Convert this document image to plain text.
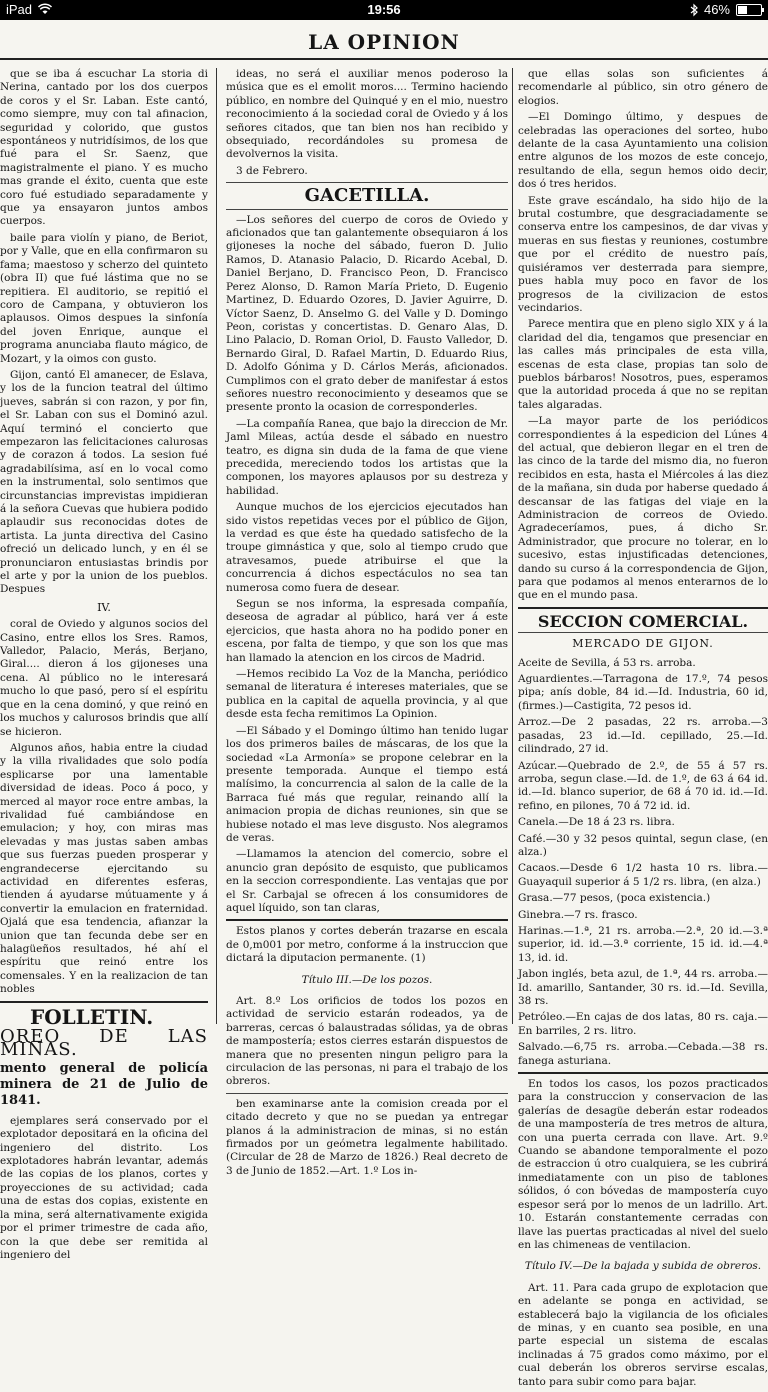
iPad	19:56	46%
LA OPINION

que se iba á escuchar La storia di Nerina, cantado por los dos cuerpos de coros y el Sr. Laban. Este cantó, como siempre, muy con tal afinacion, seguridad y colorido, que gustos espontáneos y nutridísimos, de los que fué para el Sr. Saenz, que magistralmente el piano. Y es mucho mas grande el éxito, cuenta que este coro fué estudiado separadamente y que ya ensayaron juntos ambos cuerpos.

baile para violín y piano, de Beriot, por y Valle, que en ella confirmaron su fama; maestoso y scherzo del quinteto (obra II) que fué lástima que no se repitiera. El auditorio, se repitió el coro de Campana, y obtuvieron los aplausos. Oimos despues la sinfonía del joven Enrique, aunque el programa anunciaba flauto mágico, de Mozart, y la oimos con gusto.

Gijon, cantó El amanecer, de Eslava, y los de la funcion teatral del último jueves, sabrán si con razon, y por fin, el Sr. Laban con sus el Dominó azul. Aquí terminó el concierto que empezaron las felicitaciones calurosas y de corazon á todos. La sesion fué agradabilísima, así en lo vocal como en la instrumental, solo sentimos que circunstancias imprevistas impidieran á la señora Cuevas que hubiera podido aplaudir sus reconocidas dotes de artista. La junta directiva del Casino ofreció un delicado lunch, y en él se pronunciaron entusiastas brindis por el arte y por la union de los pueblos. Despues

IV.

coral de Oviedo y algunos socios del Casino, entre ellos los Sres. Ramos, Valledor, Palacio, Merás, Berjano, Giral.... dieron á los gijoneses una cena. Al público no le interesará mucho lo que pasó, pero sí el espíritu que en la cena dominó, y que reinó en los muchos y calurosos brindis que allí se hicieron.

Algunos años, habia entre la ciudad y la villa rivalidades que solo podía esplicarse por una lamentable diversidad de ideas. Poco á poco, y merced al mayor roce entre ambas, la rivalidad fué cambiándose en emulacion; y hoy, con miras mas elevadas y mas justas saben ambas que sus fuerzas pueden prosperar y engrandecerse ejercitando su actividad en diferentes esferas, tienden á ayudarse mútuamente y á convertir la emulacion en fraternidad. Ojalá que esa tendencia, afianzar la union que tan fecunda debe ser en halagüeños resultados, hé ahí el espíritu que reinó entre los comensales. Y en la realizacion de tan nobles

FOLLETIN.
OREO DE LAS MINAS.
mento general de policía minera de 21 de Julio de 1841.

ejemplares será conservado por el explotador depositará en la oficina del ingeniero del distrito. Los explotadores habrán levantar, además de las copias de los planos, cortes y proyecciones de su actividad; cada una de estas dos copias, existente en la mina, será alternativamente exigida por el primer trimestre de cada año, con la que debe ser remitida al ingeniero del

ideas, no será el auxiliar menos poderoso la música que es el emolit moros.... Termino haciendo público, en nombre del Quinqué y en el mio, nuestro reconocimiento á la sociedad coral de Oviedo y á los señores citados, que tan bien nos han recibido y obsequiado, recordándoles su promesa de devolvernos la visita.

3 de Febrero.

GACETILLA.

—Los señores del cuerpo de coros de Oviedo y aficionados que tan galantemente obsequiaron á los gijoneses la noche del sábado, fueron D. Julio Ramos, D. Atanasio Palacio, D. Ricardo Acebal, D. Daniel Berjano, D. Francisco Peon, D. Francisco Perez Alonso, D. Ramon María Prieto, D. Eugenio Martinez, D. Eduardo Ozores, D. Javier Aguirre, D. Víctor Saenz, D. Anselmo G. del Valle y D. Domingo Peon, coristas y concertistas. D. Genaro Alas, D. Lino Palacio, D. Roman Oriol, D. Fausto Valledor, D. Bernardo Giral, D. Rafael Martin, D. Eduardo Rius, D. Adolfo Gónima y D. Cárlos Merás, aficionados. Cumplimos con el grato deber de manifestar á estos señores nuestro reconocimiento y deseamos que se presente pronto la ocasion de corresponderles.

—La compañía Ranea, que bajo la direccion de Mr. Jaml Mileas, actúa desde el sábado en nuestro teatro, es digna sin duda de la fama de que viene precedida, mereciendo todos los artistas que la componen, los mayores aplausos por su destreza y habilidad.

Aunque muchos de los ejercicios ejecutados han sido vistos repetidas veces por el público de Gijon, la verdad es que éste ha quedado satisfecho de la troupe gimnástica y que, solo al tiempo crudo que atravesamos, puede atribuirse el que la concurrencia á dichos espectáculos no sea tan numerosa como fuera de desear.

Segun se nos informa, la espresada compañía, deseosa de agradar al público, hará ver á este ejercicios, que hasta ahora no ha podido poner en escena, por falta de tiempo, y que son los que mas han llamado la atencion en los circos de Madrid.

—Hemos recibido La Voz de la Mancha, periódico semanal de literatura é intereses materiales, que se publica en la capital de aquella provincia, y al que desde esta fecha remitimos La Opinion.

—El Sábado y el Domingo último han tenido lugar los dos primeros bailes de máscaras, de los que la sociedad «La Armonía» se propone celebrar en la presente temporada. Aunque el tiempo está malísimo, la concurrencia al salon de la calle de la Barraca fué más que regular, reinando allí la animacion propia de dichas reuniones, sin que se hubiese notado el mas leve disgusto. Nos alegramos de veras.

—Llamamos la atencion del comercio, sobre el anuncio gran depósito de esquisto, que publicamos en la seccion correspondiente. Las ventajas que por el Sr. Carbajal se ofrecen á los consumidores de aquel líquido, son tan claras,

Estos planos y cortes deberán trazarse en escala de 0,m001 por metro, conforme á la instruccion que dictará la diputacion permanente. (1)

Título III.—De los pozos.

Art. 8.º Los orificios de todos los pozos en actividad de servicio estarán rodeados, ya de barreras, cercas ó balaustradas sólidas, ya de obras de mampostería; estos cierres estarán dispuestos de manera que no presenten ningun peligro para la circulacion de las personas, ni para el trabajo de los obreros.

ben examinarse ante la comision creada por el citado decreto y que no se puedan ya entregar planos á la administracion de minas, si no están firmados por un geómetra legalmente habilitado. (Circular de 28 de Marzo de 1826.) Real decreto de 3 de Junio de 1852.—Art. 1.º Los in-

que ellas solas son suficientes á recomendarle al público, sin otro género de elogios.

—El Domingo último, y despues de celebradas las operaciones del sorteo, hubo delante de la casa Ayuntamiento una colision entre algunos de los mozos de este concejo, resultando de ella, segun hemos oido decir, dos ó tres heridos.

Este grave escándalo, ha sido hijo de la brutal costumbre, que desgraciadamente se conserva entre los campesinos, de dar vivas y mueras en sus fiestas y reuniones, costumbre que por el crédito de nuestro país, quisiéramos ver desterrada para siempre, pues habla muy poco en favor de los progresos de la civilizacion de estos vecindarios.

Parece mentira que en pleno siglo XIX y á la claridad del dia, tengamos que presenciar en las calles más principales de esta villa, escenas de esta clase, propias tan solo de pueblos bárbaros! Nosotros, pues, esperamos que la autoridad proceda á que no se repitan tales algaradas.

—La mayor parte de los periódicos correspondientes á la espedicion del Lúnes 4 del actual, que debieron llegar en el tren de las cinco de la tarde del mismo dia, no fueron recibidos en esta, hasta el Miércoles á las diez de la mañana, sin duda por haberse quedado á descansar de las fatigas del viaje en la Administracion de correos de Oviedo. Agradeceríamos, pues, á dicho Sr. Administrador, que procure no tolerar, en lo sucesivo, estas injustificadas detenciones, dando su curso á la correspondencia de Gijon, para que podamos al menos enterarnos de lo que en el mundo pasa.

SECCION COMERCIAL.
MERCADO DE GIJON.
Aceite de Sevilla, á 53 rs. arroba.
Aguardientes.—Tarragona de 17.º, 74 pesos pipa; anís doble, 84 id.—Id. Industria, 60 id, (firmes.)—Castigita, 72 pesos id.
Arroz.—De 2 pasadas, 22 rs. arroba.—3 pasadas, 23 id.—Id. cepillado, 25.—Id. cilindrado, 27 id.
Azúcar.—Quebrado de 2.º, de 55 á 57 rs. arroba, segun clase.—Id. de 1.º, de 63 á 64 id. id.—Id. blanco superior, de 68 á 70 id. id.—Id. refino, en pilones, 70 á 72 id. id.
Canela.—De 18 á 23 rs. libra.
Café.—30 y 32 pesos quintal, segun clase, (en alza.)
Cacaos.—Desde 6 1/2 hasta 10 rs. libra.—Guayaquil superior á 5 1/2 rs. libra, (en alza.)
Grasa.—77 pesos, (poca existencia.)
Ginebra.—7 rs. frasco.
Harinas.—1.ª, 21 rs. arroba.—2.ª, 20 id.—3.ª superior, id. id.—3.ª corriente, 15 id. id.—4.ª 13, id. id.
Jabon inglés, beta azul, de 1.ª, 44 rs. arroba.—Id. amarillo, Santander, 30 rs. id.—Id. Sevilla, 38 rs.
Petróleo.—En cajas de dos latas, 80 rs. caja.—En barriles, 2 rs. litro.
Salvado.—6,75 rs. arroba.—Cebada.—38 rs. fanega asturiana.

En todos los casos, los pozos practicados para la construccion y conservacion de las galerías de desagüe deberán estar rodeados de una mampostería de tres metros de altura, con una puerta cerrada con llave. Art. 9.º Cuando se abandone temporalmente el pozo de estraccion ú otro cualquiera, se les cubrirá inmediatamente con un piso de tablones sólidos, ó con bóvedas de mampostería cuyo espesor será por lo menos de un ladrillo. Art. 10. Estarán constantemente cerradas con llave las puertas practicadas al nivel del suelo en las chimeneas de ventilacion.

Título IV.—De la bajada y subida de obreros.

Art. 11. Para cada grupo de explotacion que en adelante se ponga en actividad, se establecerá bajo la vigilancia de los oficiales de minas, y en cuanto sea posible, en una parte especial un sistema de escalas inclinadas á 75 grados como máximo, por el cual deberán los obreros servirse escalas, tanto para subir como para bajar.
